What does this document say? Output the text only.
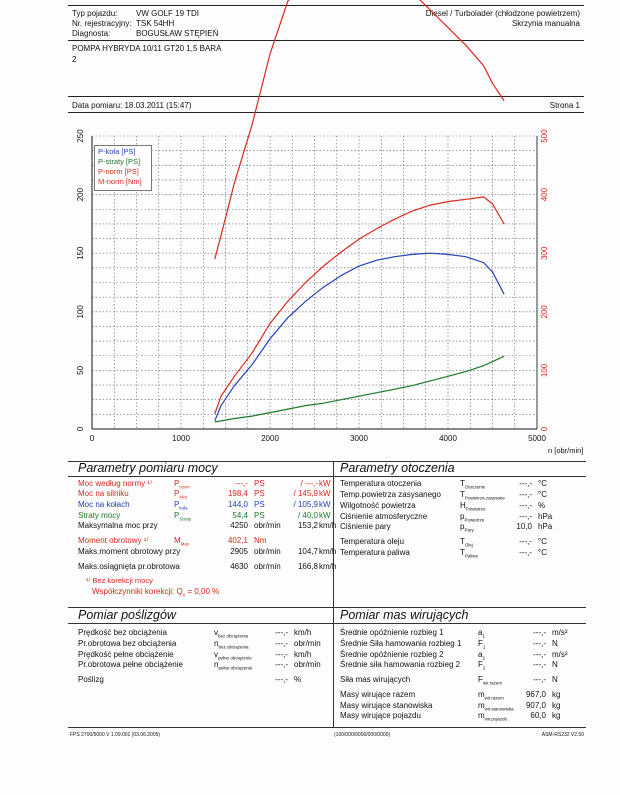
Typ pojazdu: VW GOLF 19 TDI
Nr. rejestracyjny: TSK 54HH
Diagnosta:	BOGUSŁAW STĘPIEŃ
Diesel / Turbolader (chłodzone powietrzem)
Skrzynia manualna
POMPA HYBRYDA 10/11 GT20 1,5 BARA
2
Data pomiaru: 18.03.2011 (15:47)	Strona 1
0	1000	2000	3000	4000	5000
0
50
100
150
200
250
0
100
200
300
400
500
n [obr/min]
P-koła [PS]
P-straty [PS]
P-norm [PS]
M-norm [Nm]
Parametry pomiaru mocy
Moc według normy ¹⁾	$P_{norm}$	---,- PS	/ ---,- kW
Moc na silniku	$P_{Mot}$	198,4 PS	/ 145,9 kW
Moc na kołach	$P_{koła}$	144,0 PS	/ 105,9 kW
Straty mocy	$P_{Straty}$	54,4 PS	/ 40,0 kW
Maksymalna moc przy	4250 obr/min	153,2 km/h
Moment obrotowy ¹⁾	$M_{Max}$	402,1 Nm
Maks.moment obrotowy przy	2905 obr/min	104,7 km/h
Maks.osiągnięta pr.obrotowa	4630 obr/min	166,8 km/h
¹⁾ Bez korekcji mocy
Współczynniki korekcji: $Q_v = 0,00$ %
Parametry otoczenia
Temperatura otoczenia	$T_{Otoczenie}$	---,- °C
Temp.powietrza zasysanego $T_{Powietrza zasysane}$	---,- °C
Wilgotność powietrza	$H_{Powietrze}$	---,- %
Ciśnienie atmosferyczne	$p_{Powietrze}$	---,- hPa
Ciśnienie pary	$p_{Pary}$	10,0 hPa
Temperatura oleju	$T_{Olej}$	---,- °C
Temperatura paliwa	$T_{Paliwo}$	---,- °C
Pomiar poślizgów
Prędkość bez obciążenia	$v_{bez obciążenia}$	---,- km/h
Pr.obrotowa bez obciążenia	$n_{bez obciążenia}$	---,- obr/min
Prędkość pełne obciążenie	$v_{pełne obciążenie}$	---,- km/h
Pr.obrotowa pełne obciążenie	$n_{pełne obciążenie}$	---,- obr/min
Poślizg	---,- %
Pomiar mas wirujących
Średnie opóźnienie rozbieg 1	$a_1$	---,- m/s²
Średnie Siła hamowania rozbieg 1 $F_1$	---,- N
Średnie opóźnienie rozbieg 2	$a_2$	---,- m/s²
Średnie siła hamowania rozbieg 2 $F_2$	---,- N
Siła mas wirujących	$F_{wir.razem}$	---,- N
Masy wirujące razem	$m_{wir.razem}$	967,0 kg
Masy wirujące stanowiska	$m_{wir.stanowiska}$	907,0 kg
Masy wirujące pojazdu	$m_{wir.pojazdu}$	60,0 kg
FPS 2700/5000 V 1.09.001 (03.06.2005)	(100/000/0000/000/0000)	ASM-RS232 V2.50
